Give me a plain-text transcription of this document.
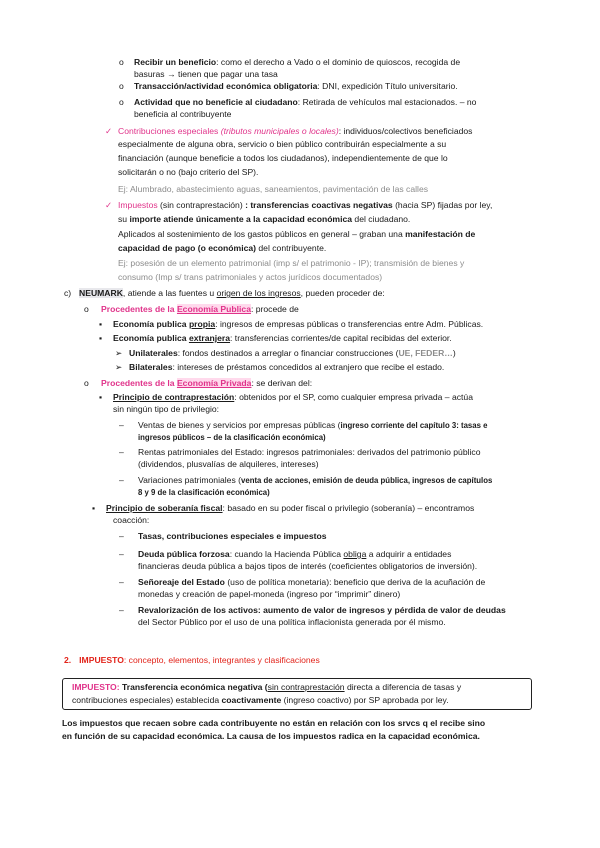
o Recibir un beneficio: como el derecho a Vado o el dominio de quioscos, recogida de
basuras → tienen que pagar una tasa
o Transacción/actividad económica obligatoria: DNI, expedición Título universitario.
o Actividad que no beneficie al ciudadano: Retirada de vehículos mal estacionados. – no
beneficia al contribuyente
✓ Contribuciones especiales (tributos municipales o locales): individuos/colectivos beneficiados
especialmente de alguna obra, servicio o bien público contribuirán especialmente a su
financiación (aunque beneficie a todos los ciudadanos), independientemente de que lo
solicitarán o no (bajo criterio del SP).
Ej: Alumbrado, abastecimiento aguas, saneamientos, pavimentación de las calles
✓ Impuestos (sin contraprestación) : transferencias coactivas negativas (hacia SP) fijadas por ley,
su importe atiende únicamente a la capacidad económica del ciudadano.
Aplicados al sostenimiento de los gastos públicos en general – graban una manifestación de
capacidad de pago (o económica) del contribuyente.
Ej: posesión de un elemento patrimonial (imp s/ el patrimonio - IP); transmisión de bienes y
consumo (Imp s/ trans patrimoniales y actos jurídicos documentados)
c) NEUMARK, atiende a las fuentes u origen de los ingresos, pueden proceder de:
o Procedentes de la Economía Publica: procede de
▪ Economía publica propia: ingresos de empresas públicas o transferencias entre Adm. Públicas.
▪ Economía publica extranjera: transferencias corrientes/de capital recibidas del exterior.
➢ Unilaterales: fondos destinados a arreglar o financiar construcciones (UE, FEDER…)
➢ Bilaterales: intereses de préstamos concedidos al extranjero que recibe el estado.
o Procedentes de la Economía Privada: se derivan del:
▪ Principio de contraprestación: obtenidos por el SP, como cualquier empresa privada – actúa
sin ningún tipo de privilegio:
– Ventas de bienes y servicios por empresas públicas (ingreso corriente del capítulo 3: tasas e
ingresos públicos – de la clasificación económica)
– Rentas patrimoniales del Estado: ingresos patrimoniales: derivados del patrimonio público
(dividendos, plusvalías de alquileres, intereses)
– Variaciones patrimoniales (venta de acciones, emisión de deuda pública, ingresos de capítulos
8 y 9 de la clasificación económica)
▪ Principio de soberanía fiscal: basado en su poder fiscal o privilegio (soberanía) – encontramos
coacción:
– Tasas, contribuciones especiales e impuestos
– Deuda pública forzosa: cuando la Hacienda Pública obliga a adquirir a entidades
financieras deuda pública a bajos tipos de interés (coeficientes obligatorios de inversión).
– Señoreaje del Estado (uso de política monetaria): beneficio que deriva de la acuñación de
monedas y creación de papel-moneda (ingreso por “imprimir” dinero)
– Revalorización de los activos: aumento de valor de ingresos y pérdida de valor de deudas
del Sector Público por el uso de una política inflacionista generada por él mismo.
2. IMPUESTO: concepto, elementos, integrantes y clasificaciones
IMPUESTO: Transferencia económica negativa (sin contraprestación directa a diferencia de tasas y
contribuciones especiales) establecida coactivamente (ingreso coactivo) por SP aprobada por ley.
Los impuestos que recaen sobre cada contribuyente no están en relación con los srvcs q el recibe sino
en función de su capacidad económica. La causa de los impuestos radica en la capacidad económica.
